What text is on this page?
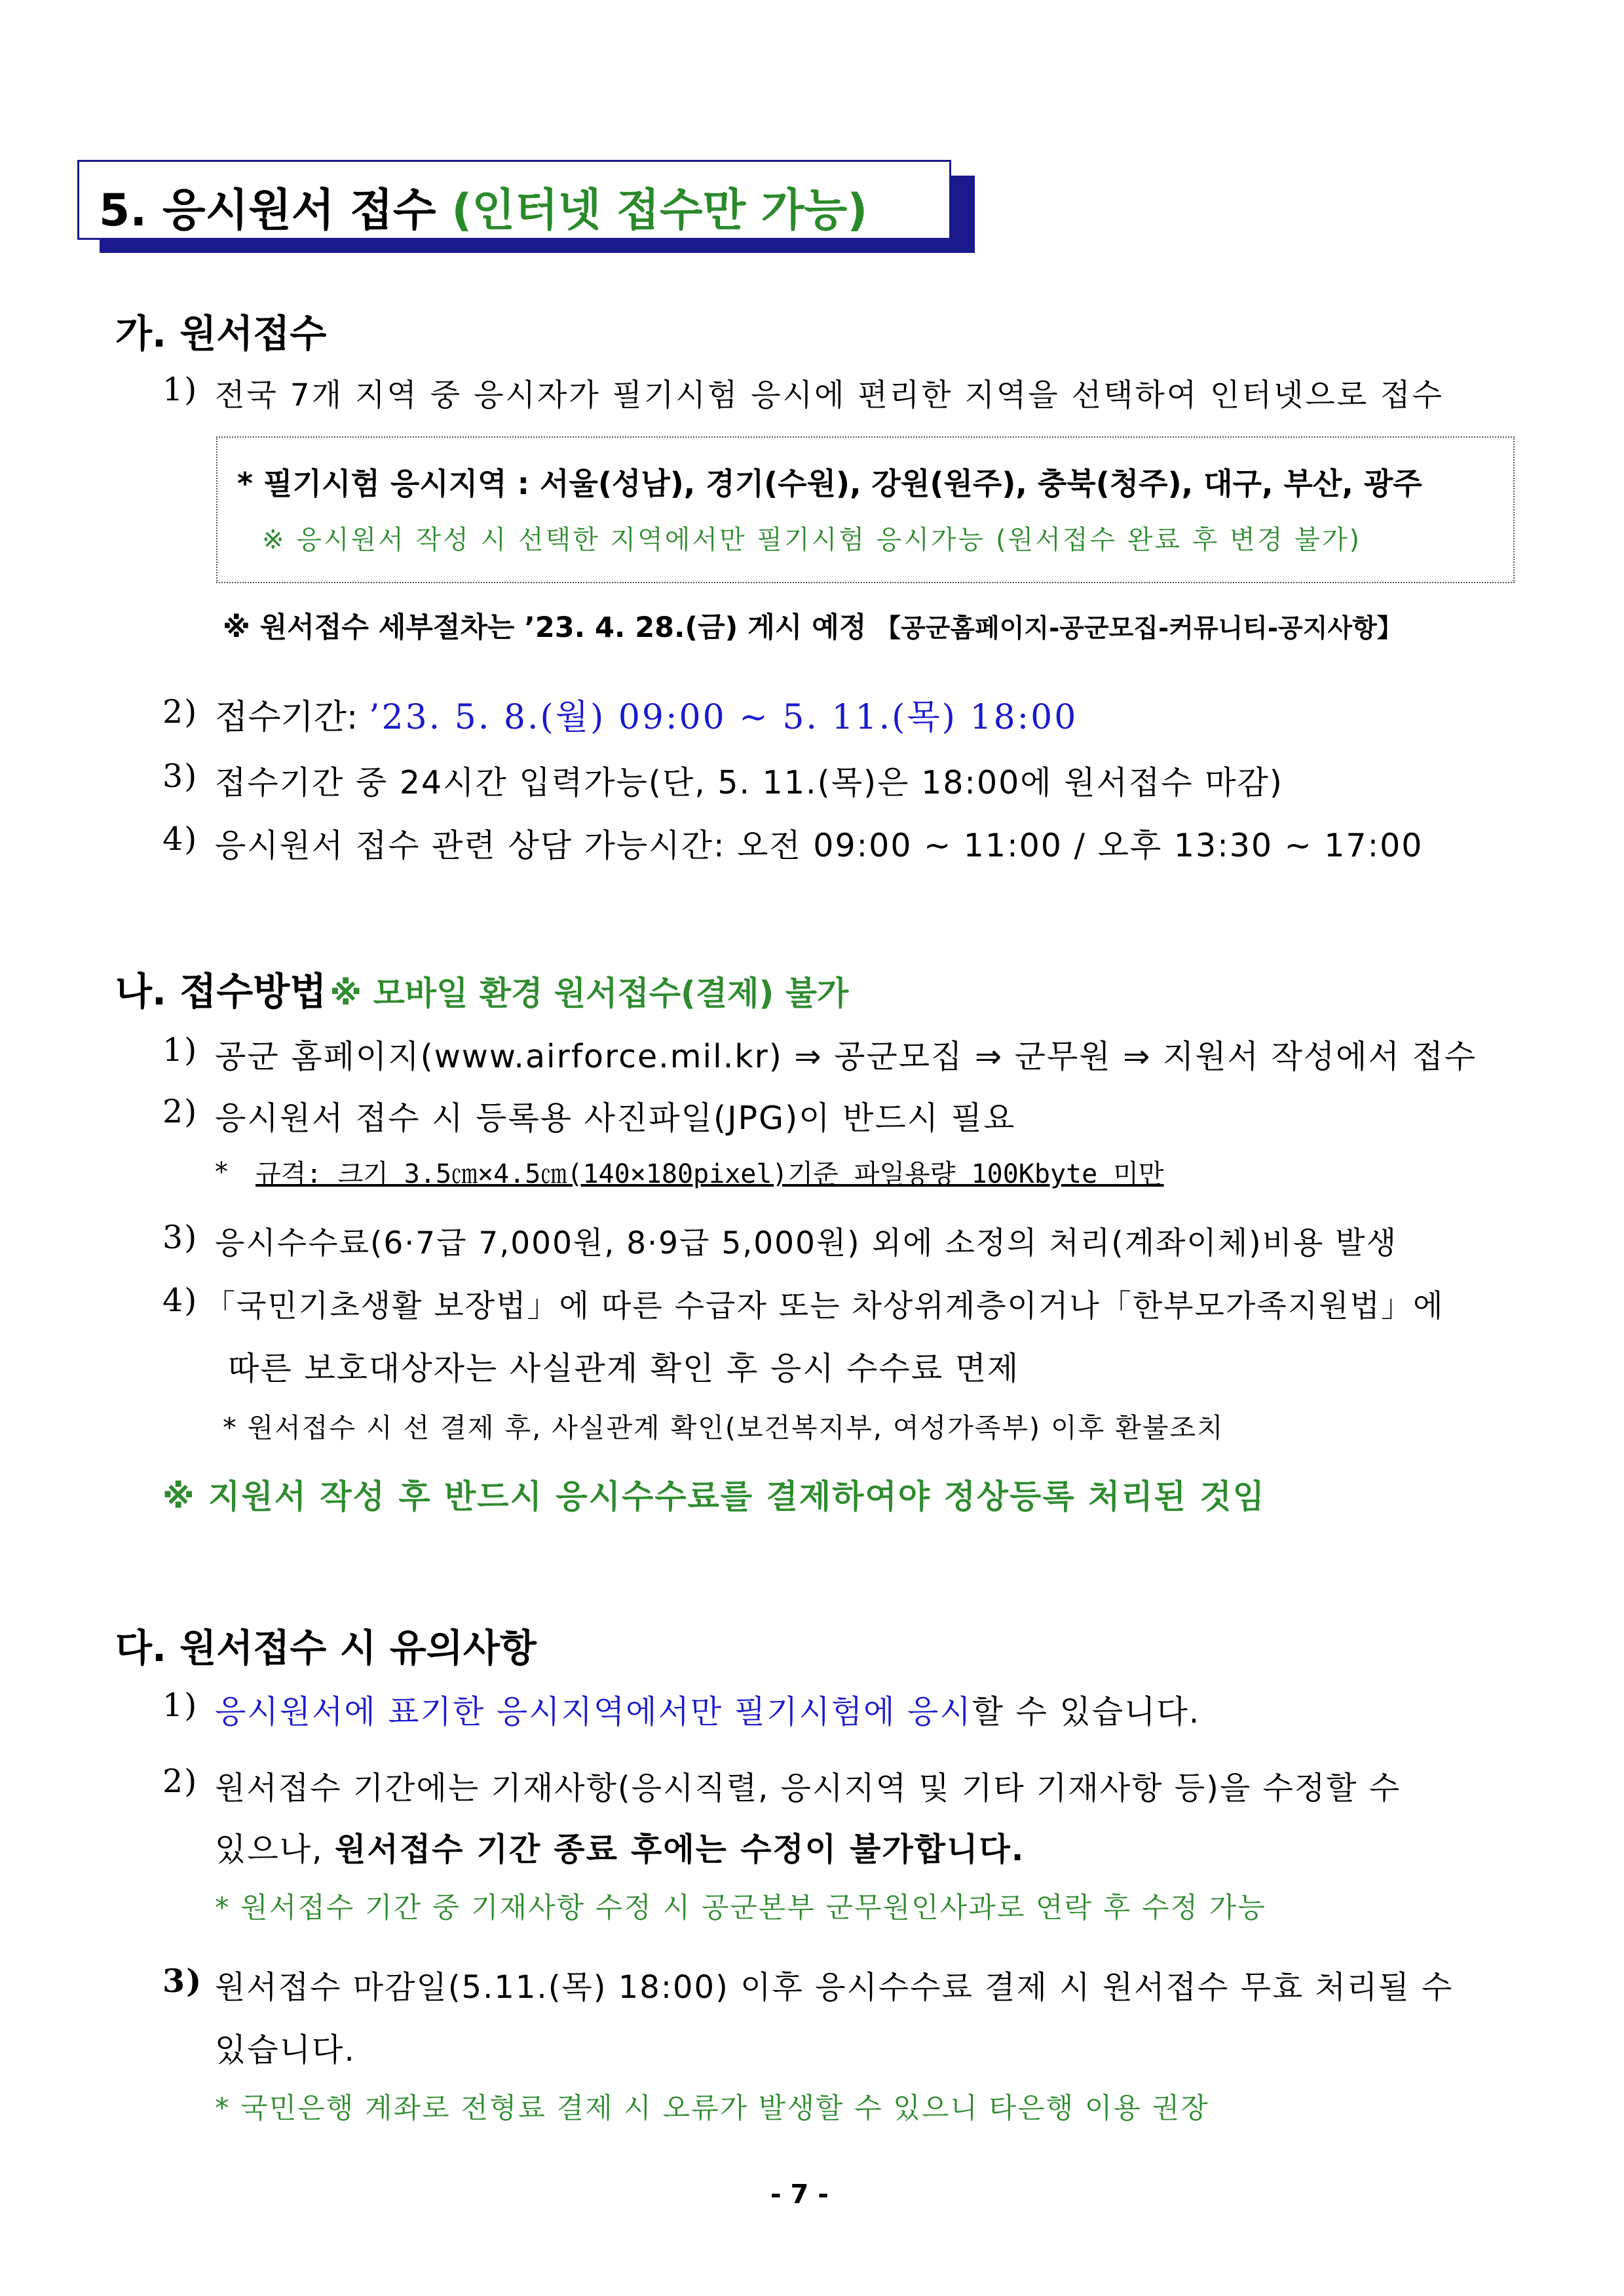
5. 응시원서 접수 (인터넷 접수만 가능)
가. 원서접수
1) 전국 7개 지역 중 응시자가 필기시험 응시에 편리한 지역을 선택하여 인터넷으로 접수
* 필기시험 응시지역 : 서울(성남), 경기(수원), 강원(원주), 충북(청주), 대구, 부산, 광주
※ 응시원서 작성 시 선택한 지역에서만 필기시험 응시가능 (원서접수 완료 후 변경 불가)
※ 원서접수 세부절차는 ’23. 4. 28.(금) 게시 예정 【공군홈페이지-공군모집-커뮤니티-공지사항】
2) 접수기간: ’23. 5. 8.(월) 09:00 ~ 5. 11.(목) 18:00
3) 접수기간 중 24시간 입력가능(단, 5. 11.(목)은 18:00에 원서접수 마감)
4) 응시원서 접수 관련 상담 가능시간: 오전 09:00 ~ 11:00 / 오후 13:30 ~ 17:00
나. 접수방법 ※ 모바일 환경 원서접수(결제) 불가
1) 공군 홈페이지(www.airforce.mil.kr) ⇒ 공군모집 ⇒ 군무원 ⇒ 지원서 작성에서 접수
2) 응시원서 접수 시 등록용 사진파일(JPG)이 반드시 필요
* 규격: 크기 3.5㎝×4.5㎝(140×180pixel)기준 파일용량 100Kbyte 미만
3) 응시수수료(6·7급 7,000원, 8·9급 5,000원) 외에 소정의 처리(계좌이체)비용 발생
4) 「국민기초생활 보장법」에 따른 수급자 또는 차상위계층이거나「한부모가족지원법」에
따른 보호대상자는 사실관계 확인 후 응시 수수료 면제
* 원서접수 시 선 결제 후, 사실관계 확인(보건복지부, 여성가족부) 이후 환불조치
※ 지원서 작성 후 반드시 응시수수료를 결제하여야 정상등록 처리된 것임
다. 원서접수 시 유의사항
1) 응시원서에 표기한 응시지역에서만 필기시험에 응시할 수 있습니다.
2) 원서접수 기간에는 기재사항(응시직렬, 응시지역 및 기타 기재사항 등)을 수정할 수
있으나, 원서접수 기간 종료 후에는 수정이 불가합니다.
* 원서접수 기간 중 기재사항 수정 시 공군본부 군무원인사과로 연락 후 수정 가능
3) 원서접수 마감일(5.11.(목) 18:00) 이후 응시수수료 결제 시 원서접수 무효 처리될 수
있습니다.
* 국민은행 계좌로 전형료 결제 시 오류가 발생할 수 있으니 타은행 이용 권장
- 7 -
